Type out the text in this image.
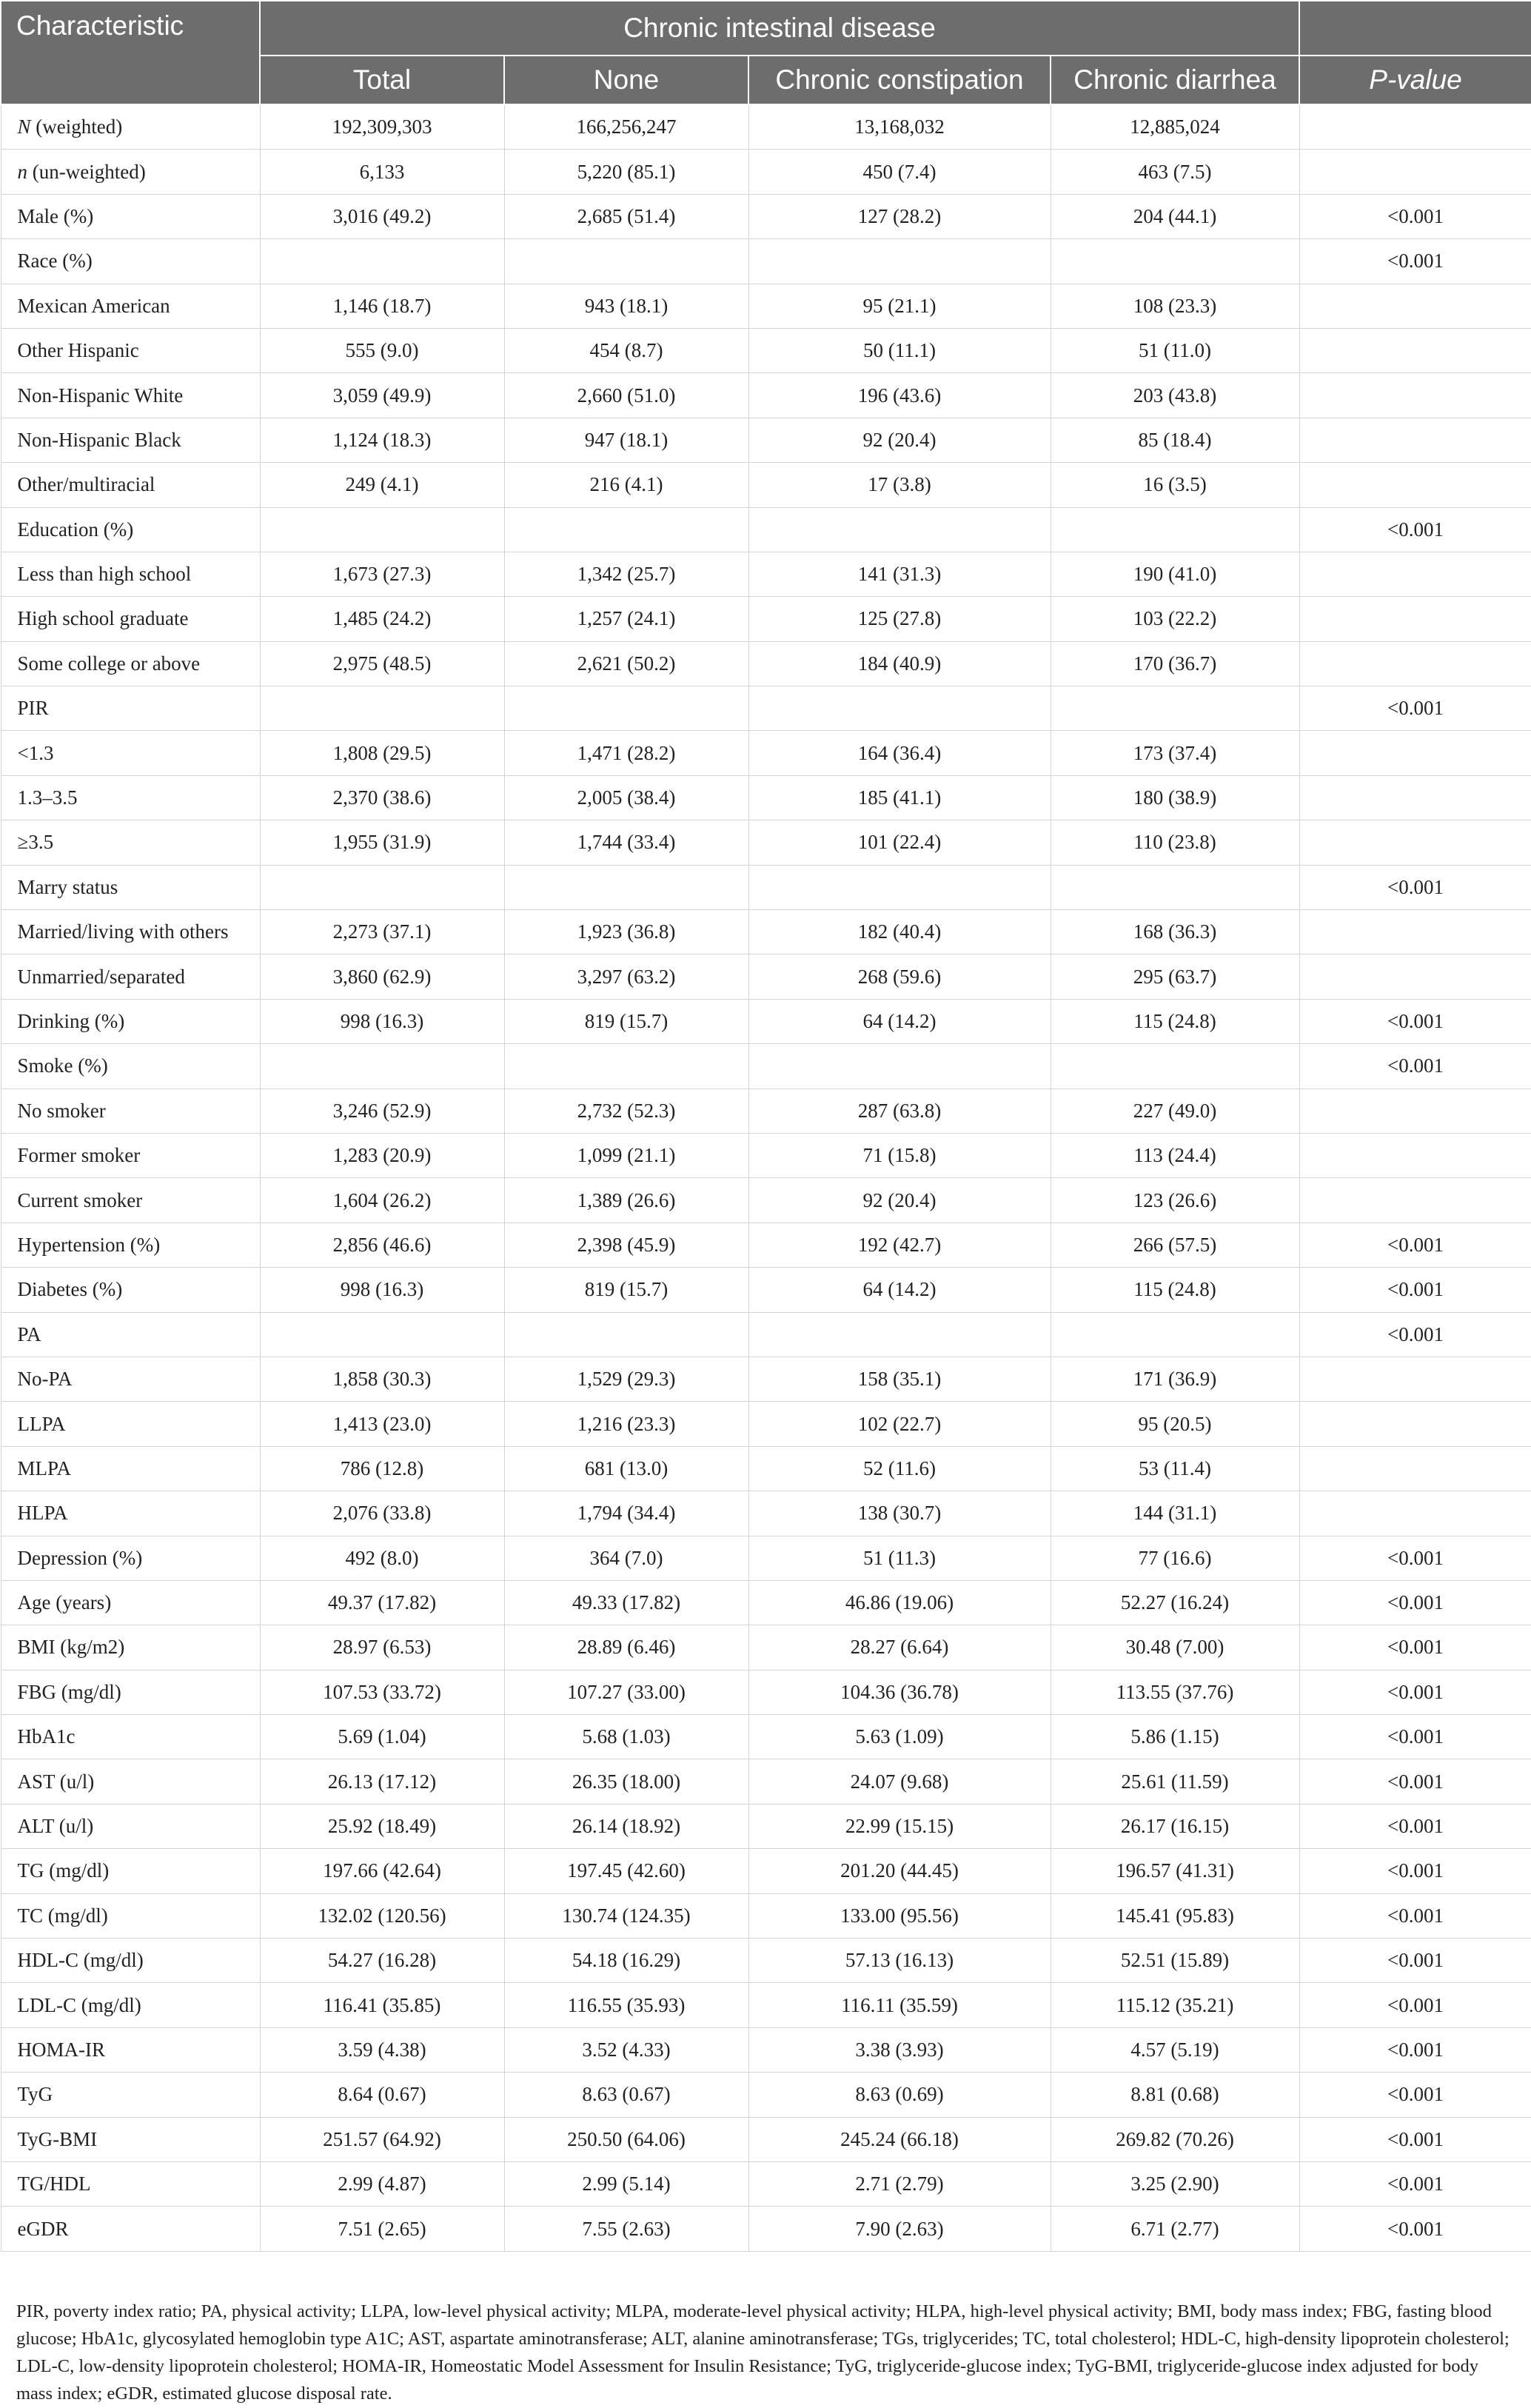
Characteristic	Chronic intestinal disease				
	Total	None	Chronic constipation	Chronic diarrhea	P-value
N (weighted)	192,309,303	166,256,247	13,168,032	12,885,024	
n (un-weighted)	6,133	5,220 (85.1)	450 (7.4)	463 (7.5)	
Male (%)	3,016 (49.2)	2,685 (51.4)	127 (28.2)	204 (44.1)	<0.001
Race (%)					<0.001
Mexican American	1,146 (18.7)	943 (18.1)	95 (21.1)	108 (23.3)	
Other Hispanic	555 (9.0)	454 (8.7)	50 (11.1)	51 (11.0)	
Non-Hispanic White	3,059 (49.9)	2,660 (51.0)	196 (43.6)	203 (43.8)	
Non-Hispanic Black	1,124 (18.3)	947 (18.1)	92 (20.4)	85 (18.4)	
Other/multiracial	249 (4.1)	216 (4.1)	17 (3.8)	16 (3.5)	
Education (%)					<0.001
Less than high school	1,673 (27.3)	1,342 (25.7)	141 (31.3)	190 (41.0)	
High school graduate	1,485 (24.2)	1,257 (24.1)	125 (27.8)	103 (22.2)	
Some college or above	2,975 (48.5)	2,621 (50.2)	184 (40.9)	170 (36.7)	
PIR					<0.001
<1.3	1,808 (29.5)	1,471 (28.2)	164 (36.4)	173 (37.4)	
1.3–3.5	2,370 (38.6)	2,005 (38.4)	185 (41.1)	180 (38.9)	
≥3.5	1,955 (31.9)	1,744 (33.4)	101 (22.4)	110 (23.8)	
Marry status					<0.001
Married/living with others	2,273 (37.1)	1,923 (36.8)	182 (40.4)	168 (36.3)	
Unmarried/separated	3,860 (62.9)	3,297 (63.2)	268 (59.6)	295 (63.7)	
Drinking (%)	998 (16.3)	819 (15.7)	64 (14.2)	115 (24.8)	<0.001
Smoke (%)					<0.001
No smoker	3,246 (52.9)	2,732 (52.3)	287 (63.8)	227 (49.0)	
Former smoker	1,283 (20.9)	1,099 (21.1)	71 (15.8)	113 (24.4)	
Current smoker	1,604 (26.2)	1,389 (26.6)	92 (20.4)	123 (26.6)	
Hypertension (%)	2,856 (46.6)	2,398 (45.9)	192 (42.7)	266 (57.5)	<0.001
Diabetes (%)	998 (16.3)	819 (15.7)	64 (14.2)	115 (24.8)	<0.001
PA					<0.001
No-PA	1,858 (30.3)	1,529 (29.3)	158 (35.1)	171 (36.9)	
LLPA	1,413 (23.0)	1,216 (23.3)	102 (22.7)	95 (20.5)	
MLPA	786 (12.8)	681 (13.0)	52 (11.6)	53 (11.4)	
HLPA	2,076 (33.8)	1,794 (34.4)	138 (30.7)	144 (31.1)	
Depression (%)	492 (8.0)	364 (7.0)	51 (11.3)	77 (16.6)	<0.001
Age (years)	49.37 (17.82)	49.33 (17.82)	46.86 (19.06)	52.27 (16.24)	<0.001
BMI (kg/m2)	28.97 (6.53)	28.89 (6.46)	28.27 (6.64)	30.48 (7.00)	<0.001
FBG (mg/dl)	107.53 (33.72)	107.27 (33.00)	104.36 (36.78)	113.55 (37.76)	<0.001
HbA1c	5.69 (1.04)	5.68 (1.03)	5.63 (1.09)	5.86 (1.15)	<0.001
AST (u/l)	26.13 (17.12)	26.35 (18.00)	24.07 (9.68)	25.61 (11.59)	<0.001
ALT (u/l)	25.92 (18.49)	26.14 (18.92)	22.99 (15.15)	26.17 (16.15)	<0.001
TG (mg/dl)	197.66 (42.64)	197.45 (42.60)	201.20 (44.45)	196.57 (41.31)	<0.001
TC (mg/dl)	132.02 (120.56)	130.74 (124.35)	133.00 (95.56)	145.41 (95.83)	<0.001
HDL-C (mg/dl)	54.27 (16.28)	54.18 (16.29)	57.13 (16.13)	52.51 (15.89)	<0.001
LDL-C (mg/dl)	116.41 (35.85)	116.55 (35.93)	116.11 (35.59)	115.12 (35.21)	<0.001
HOMA-IR	3.59 (4.38)	3.52 (4.33)	3.38 (3.93)	4.57 (5.19)	<0.001
TyG	8.64 (0.67)	8.63 (0.67)	8.63 (0.69)	8.81 (0.68)	<0.001
TyG-BMI	251.57 (64.92)	250.50 (64.06)	245.24 (66.18)	269.82 (70.26)	<0.001
TG/HDL	2.99 (4.87)	2.99 (5.14)	2.71 (2.79)	3.25 (2.90)	<0.001
eGDR	7.51 (2.65)	7.55 (2.63)	7.90 (2.63)	6.71 (2.77)	<0.001

PIR, poverty index ratio; PA, physical activity; LLPA, low-level physical activity; MLPA, moderate-level physical activity; HLPA, high-level physical activity; BMI, body mass index; FBG, fasting blood glucose; HbA1c, glycosylated hemoglobin type A1C; AST, aspartate aminotransferase; ALT, alanine aminotransferase; TGs, triglycerides; TC, total cholesterol; HDL-C, high-density lipoprotein cholesterol; LDL-C, low-density lipoprotein cholesterol; HOMA-IR, Homeostatic Model Assessment for Insulin Resistance; TyG, triglyceride-glucose index; TyG-BMI, triglyceride-glucose index adjusted for body mass index; eGDR, estimated glucose disposal rate.
